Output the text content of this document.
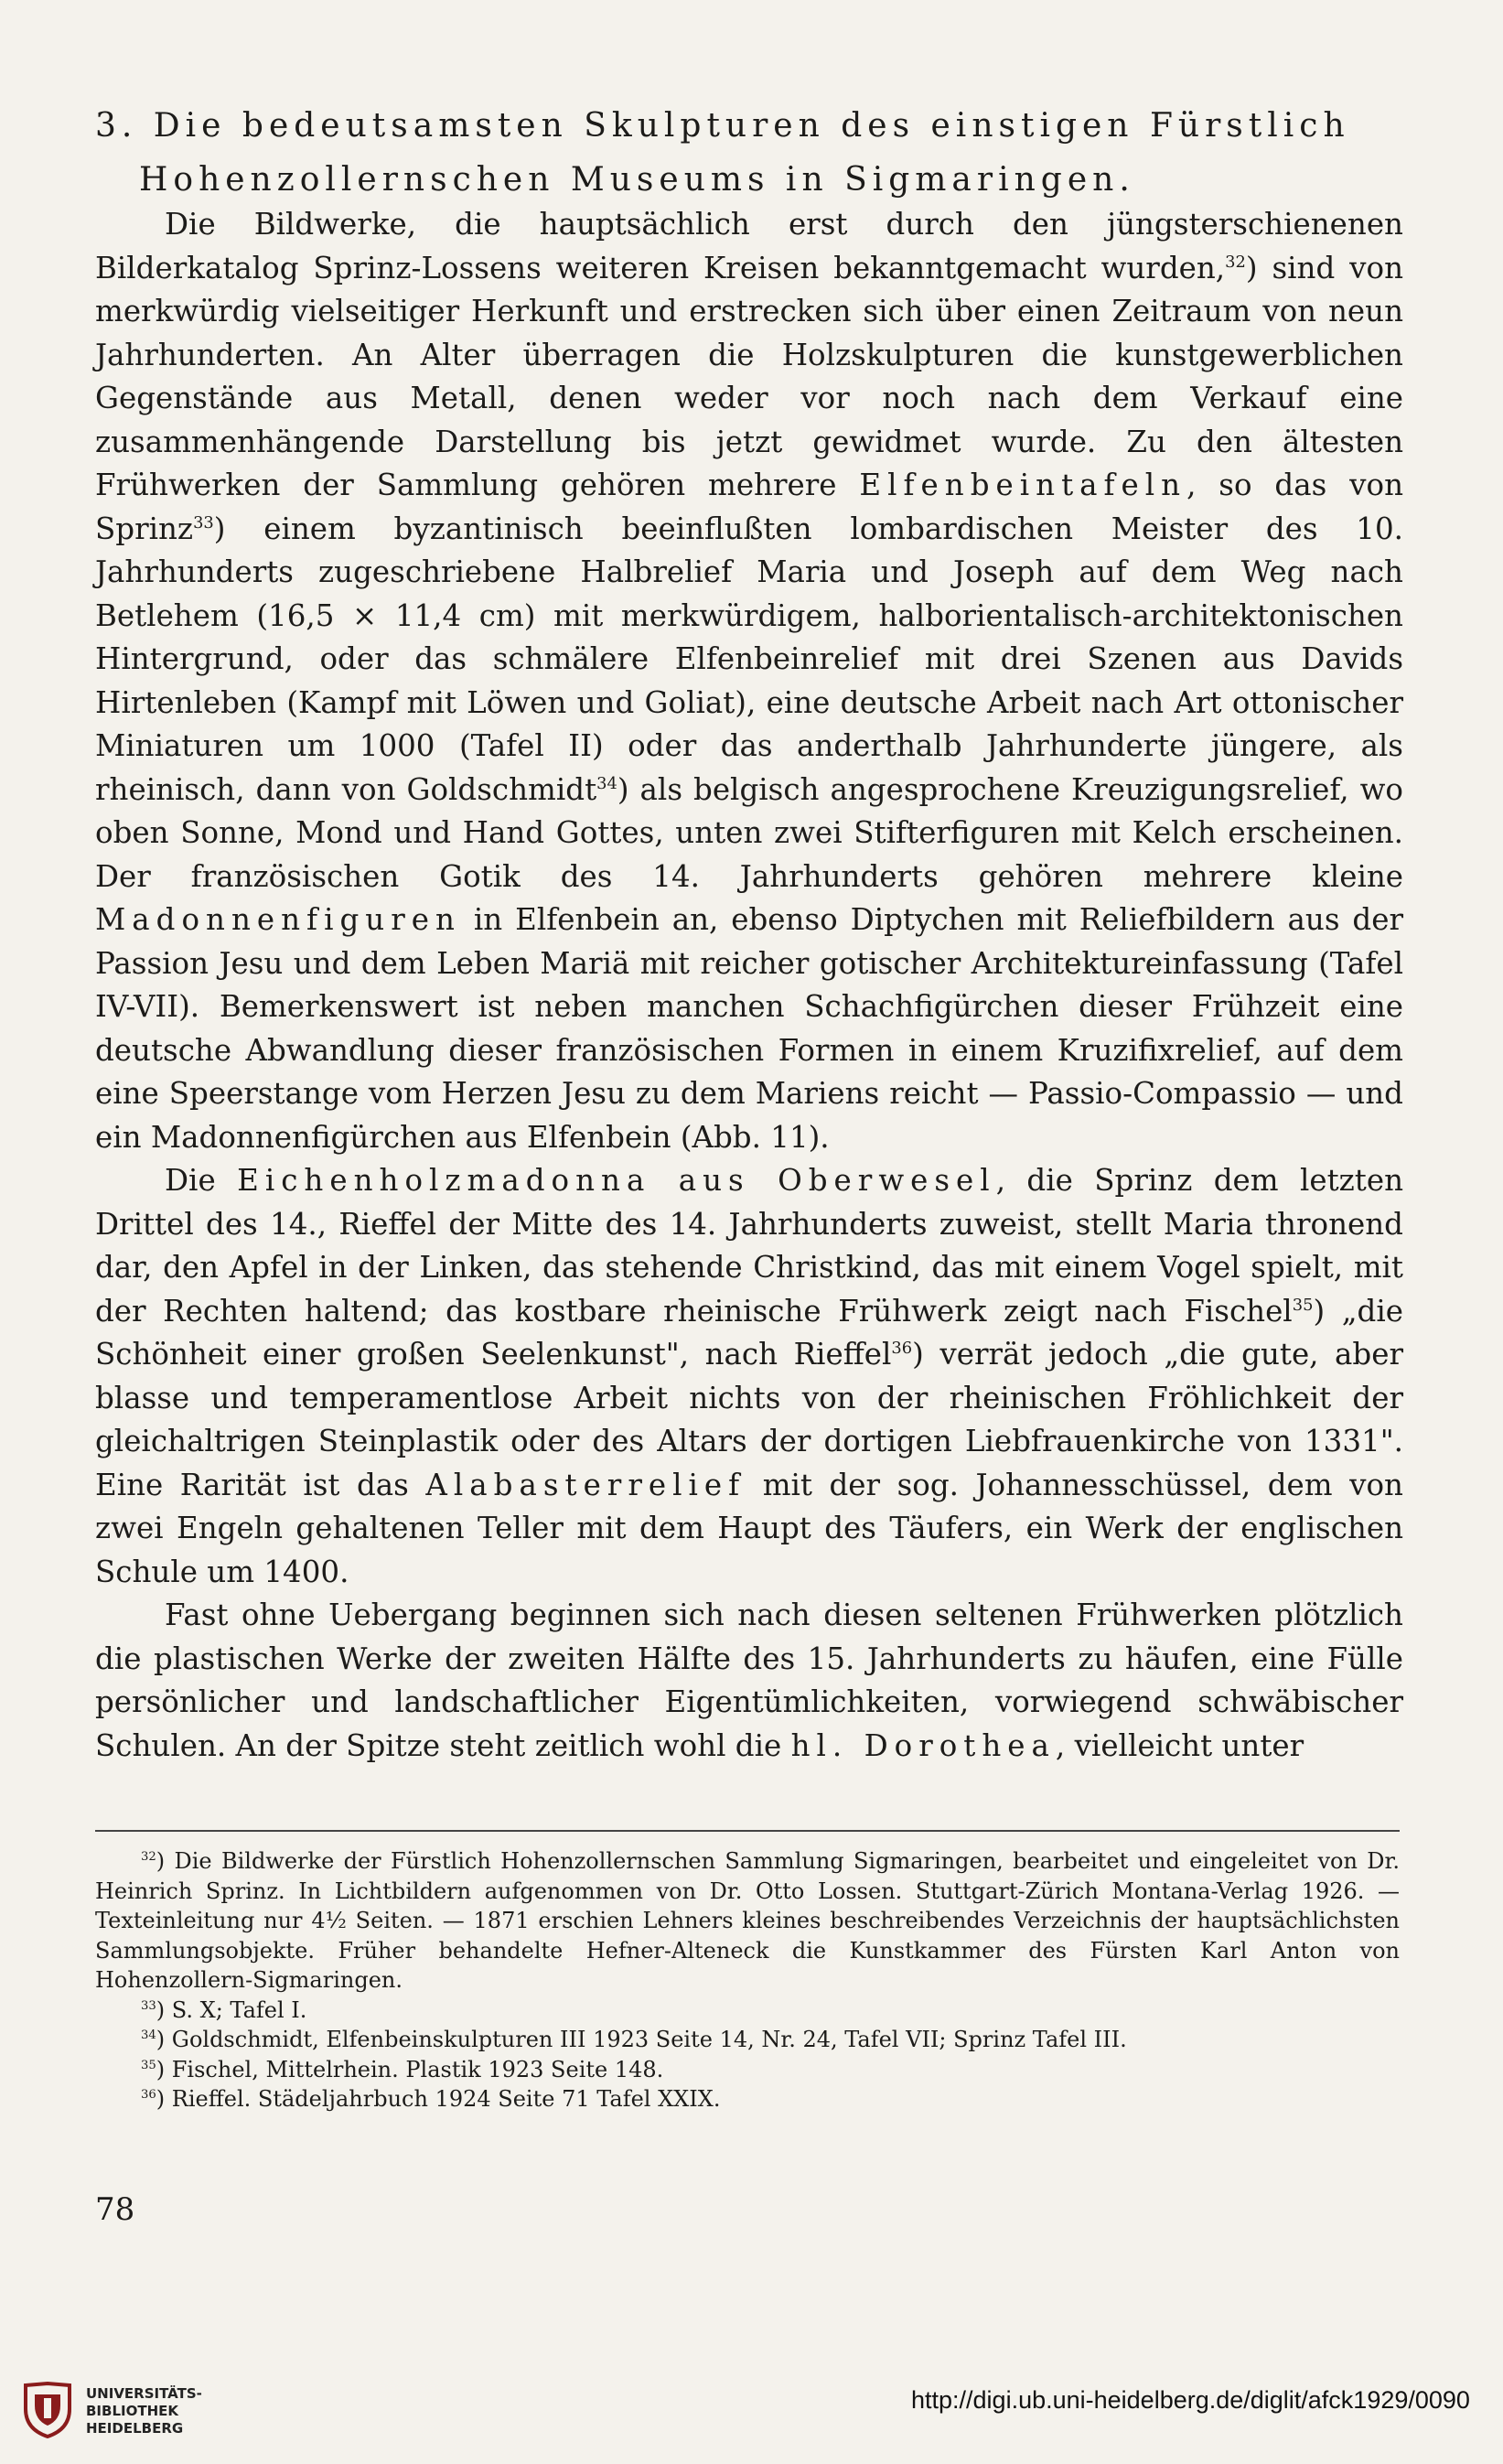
3. Die bedeutsamsten Skulpturen des einstigen Fürstlich
Hohenzollernschen Museums in Sigmaringen.

Die Bildwerke, die hauptsächlich erst durch den jüngsterschienenen Bilderkatalog Sprinz-Lossens weiteren Kreisen bekanntgemacht wurden,$^{32}$) sind von merkwürdig vielseitiger Herkunft und erstrecken sich über einen Zeitraum von neun Jahrhunderten. An Alter überragen die Holzskulpturen die kunstgewerblichen Gegenstände aus Metall, denen weder vor noch nach dem Verkauf eine zusammenhängende Darstellung bis jetzt gewidmet wurde. Zu den ältesten Frühwerken der Sammlung gehören mehrere Elfenbeintafeln, so das von Sprinz$^{33}$) einem byzantinisch beeinflußten lombardischen Meister des 10. Jahrhunderts zugeschriebene Halbrelief Maria und Joseph auf dem Weg nach Betlehem (16,5 × 11,4 cm) mit merkwürdigem, halborientalisch-architektonischen Hintergrund, oder das schmälere Elfenbeinrelief mit drei Szenen aus Davids Hirtenleben (Kampf mit Löwen und Goliat), eine deutsche Arbeit nach Art ottonischer Miniaturen um 1000 (Tafel II) oder das anderthalb Jahrhunderte jüngere, als rheinisch, dann von Goldschmidt$^{34}$) als belgisch angesprochene Kreuzigungsrelief, wo oben Sonne, Mond und Hand Gottes, unten zwei Stifterfiguren mit Kelch erscheinen. Der französischen Gotik des 14. Jahrhunderts gehören mehrere kleine Madonnenfiguren in Elfenbein an, ebenso Diptychen mit Reliefbildern aus der Passion Jesu und dem Leben Mariä mit reicher gotischer Architektureinfassung (Tafel IV-VII). Bemerkenswert ist neben manchen Schachfigürchen dieser Frühzeit eine deutsche Abwandlung dieser französischen Formen in einem Kruzifixrelief, auf dem eine Speerstange vom Herzen Jesu zu dem Mariens reicht — Passio-Compassio — und ein Madonnenfigürchen aus Elfenbein (Abb. 11).

Die Eichenholzmadonna aus Oberwesel, die Sprinz dem letzten Drittel des 14., Rieffel der Mitte des 14. Jahrhunderts zuweist, stellt Maria thronend dar, den Apfel in der Linken, das stehende Christkind, das mit einem Vogel spielt, mit der Rechten haltend; das kostbare rheinische Frühwerk zeigt nach Fischel$^{35}$) „die Schönheit einer großen Seelenkunst", nach Rieffel$^{36}$) verrät jedoch „die gute, aber blasse und temperamentlose Arbeit nichts von der rheinischen Fröhlichkeit der gleichaltrigen Steinplastik oder des Altars der dortigen Liebfrauenkirche von 1331". Eine Rarität ist das Alabasterrelief mit der sog. Johannesschüssel, dem von zwei Engeln gehaltenen Teller mit dem Haupt des Täufers, ein Werk der englischen Schule um 1400.

Fast ohne Uebergang beginnen sich nach diesen seltenen Frühwerken plötzlich die plastischen Werke der zweiten Hälfte des 15. Jahrhunderts zu häufen, eine Fülle persönlicher und landschaftlicher Eigentümlichkeiten, vorwiegend schwäbischer Schulen. An der Spitze steht zeitlich wohl die hl. Dorothea, vielleicht unter

$^{32}$) Die Bildwerke der Fürstlich Hohenzollernschen Sammlung Sigmaringen, bearbeitet und eingeleitet von Dr. Heinrich Sprinz. In Lichtbildern aufgenommen von Dr. Otto Lossen. Stuttgart-Zürich Montana-Verlag 1926. — Texteinleitung nur 4½ Seiten. — 1871 erschien Lehners kleines beschreibendes Verzeichnis der hauptsächlichsten Sammlungsobjekte. Früher behandelte Hefner-Alteneck die Kunstkammer des Fürsten Karl Anton von Hohenzollern-Sigmaringen.

$^{33}$) S. X; Tafel I.

$^{34}$) Goldschmidt, Elfenbeinskulpturen III 1923 Seite 14, Nr. 24, Tafel VII; Sprinz Tafel III.

$^{35}$) Fischel, Mittelrhein. Plastik 1923 Seite 148.

$^{36}$) Rieffel. Städeljahrbuch 1924 Seite 71 Tafel XXIX.

78
UNIVERSITÄTS-
BIBLIOTHEK
HEIDELBERG
http://digi.ub.uni-heidelberg.de/diglit/afck1929/0090
